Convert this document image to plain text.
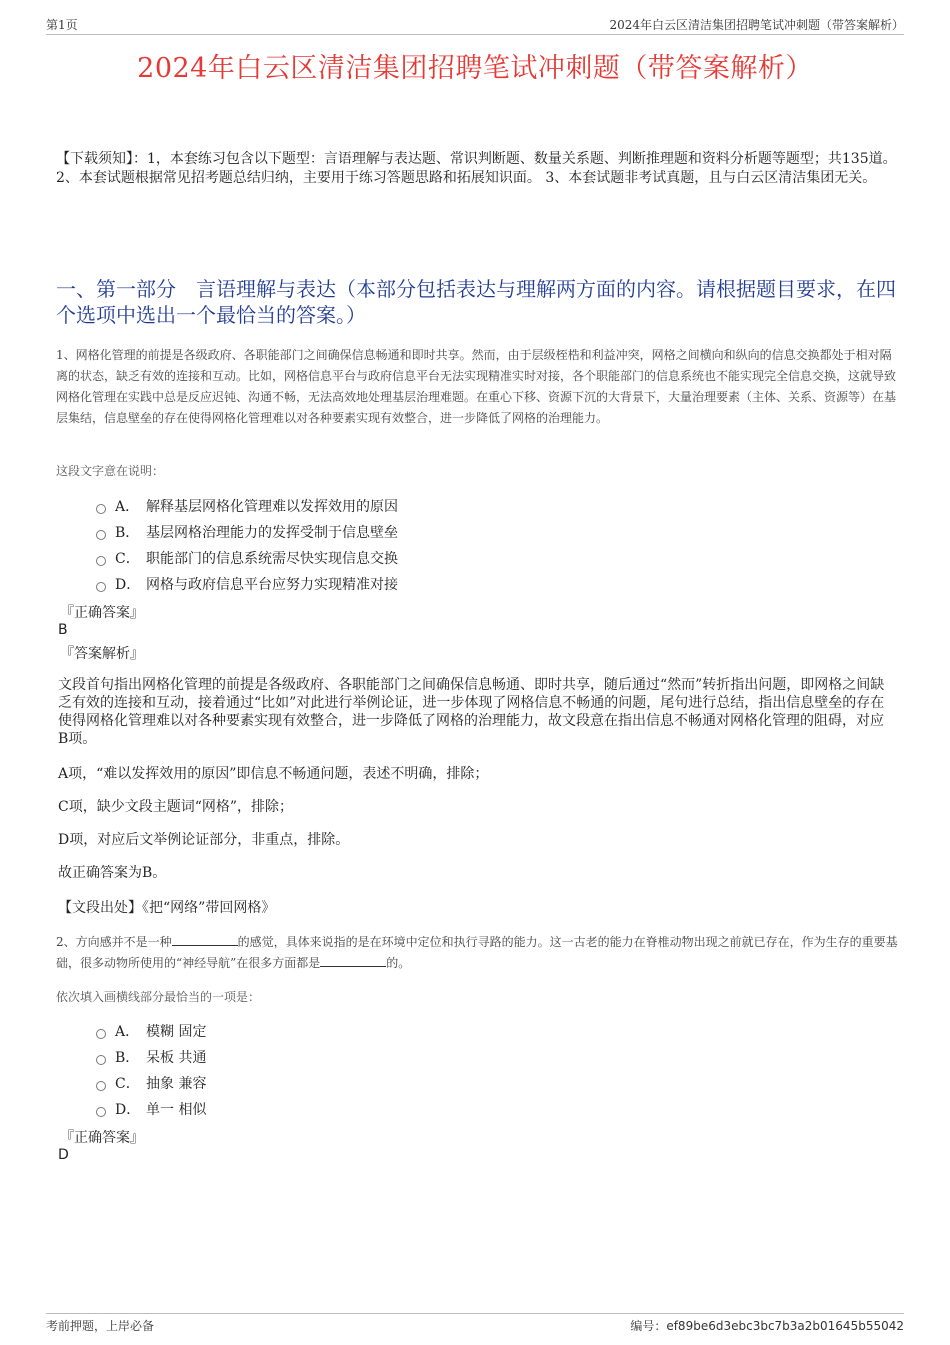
第1页	2024年白云区清洁集团招聘笔试冲刺题（带答案解析）
2024年白云区清洁集团招聘笔试冲刺题（带答案解析）
【下载须知】：1，本套练习包含以下题型：言语理解与表达题、常识判断题、数量关系题、判断推理题和资料分析题等题型；共135道。 2、本套试题根据常见招考题总结归纳，主要用于练习答题思路和拓展知识面。 3、本套试题非考试真题，且与白云区清洁集团无关。
一、第一部分　言语理解与表达（本部分包括表达与理解两方面的内容。请根据题目要求，在四个选项中选出一个最恰当的答案。）
1、网格化管理的前提是各级政府、各职能部门之间确保信息畅通和即时共享。然而，由于层级桎梏和利益冲突，网格之间横向和纵向的信息交换都处于相对隔离的状态，缺乏有效的连接和互动。比如，网格信息平台与政府信息平台无法实现精准实时对接，各个职能部门的信息系统也不能实现完全信息交换，这就导致网格化管理在实践中总是反应迟钝、沟通不畅，无法高效地处理基层治理难题。在重心下移、资源下沉的大背景下，大量治理要素（主体、关系、资源等）在基层集结，信息壁垒的存在使得网格化管理难以对各种要素实现有效整合，进一步降低了网格的治理能力。
这段文字意在说明：
A． 解释基层网格化管理难以发挥效用的原因
B． 基层网格治理能力的发挥受制于信息壁垒
C． 职能部门的信息系统需尽快实现信息交换
D． 网格与政府信息平台应努力实现精准对接
『正确答案』
B
『答案解析』
文段首句指出网格化管理的前提是各级政府、各职能部门之间确保信息畅通、即时共享，随后通过“然而”转折指出问题，即网格之间缺乏有效的连接和互动，接着通过“比如”对此进行举例论证，进一步体现了网格信息不畅通的问题，尾句进行总结，指出信息壁垒的存在使得网格化管理难以对各种要素实现有效整合，进一步降低了网格的治理能力，故文段意在指出信息不畅通对网格化管理的阻碍，对应B项。
A项，“难以发挥效用的原因”即信息不畅通问题，表述不明确，排除；
C项，缺少文段主题词“网格”，排除；
D项，对应后文举例论证部分，非重点，排除。
故正确答案为B。
【文段出处】《把“网络”带回网格》
2、方向感并不是一种	的感觉，具体来说指的是在环境中定位和执行寻路的能力。这一古老的能力在脊椎动物出现之前就已存在，作为生存的重要基础，很多动物所使用的“神经导航”在很多方面都是	的。
依次填入画横线部分最恰当的一项是：
A． 模糊 固定
B． 呆板 共通
C． 抽象 兼容
D． 单一 相似
『正确答案』
D
考前押题，上岸必备	编号：ef89be6d3ebc3bc7b3a2b01645b55042
